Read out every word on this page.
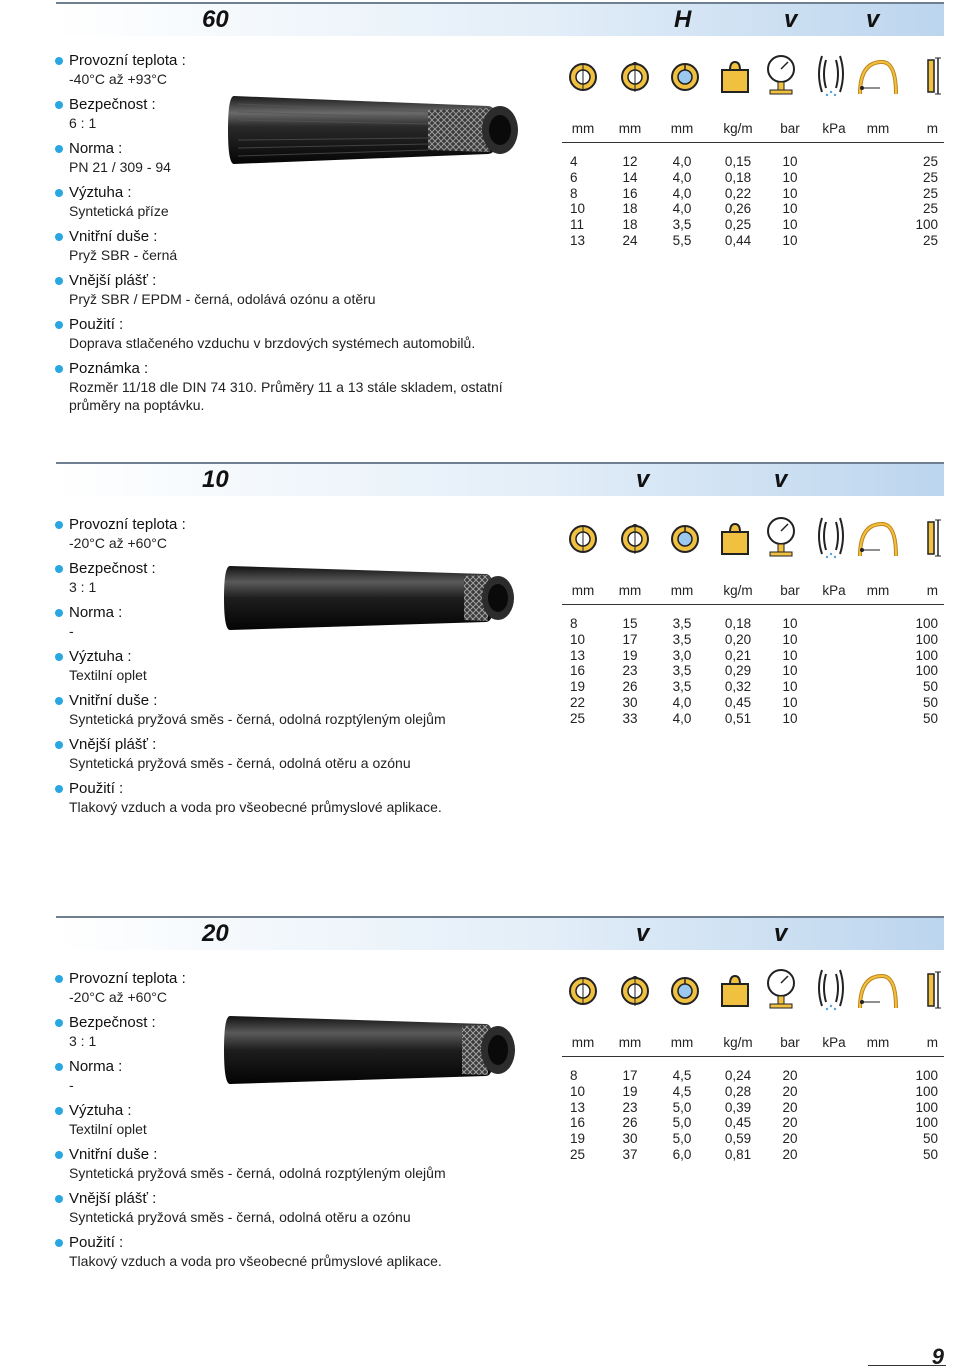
60	H	v	v
Provozní teplota :
-40°C až +93°C
Bezpečnost :
6 : 1
Norma :
PN 21 / 309 - 94
Výztuha :
Syntetická příze
Vnitřní duše :
Pryž SBR - černá
Vnější plášť :
Pryž SBR / EPDM - černá, odolává ozónu a otěru
Použití :
Doprava stlačeného vzduchu v brzdových systémech automobilů.
Poznámka :
Rozměr 11/18 dle DIN 74 310. Průměry 11 a 13 stále skladem, ostatní průměry na poptávku.
mm	mm	mm	kg/m	bar	kPa	mm	m

4	12	4,0	0,15	10			25
6	14	4,0	0,18	10			25
8	16	4,0	0,22	10			25
10	18	4,0	0,26	10			25
11	18	3,5	0,25	10			100
13	24	5,5	0,44	10			25
10	v	v
Provozní teplota :
-20°C až +60°C
Bezpečnost :
3 : 1
Norma :
-
Výztuha :
Textilní oplet
Vnitřní duše :
Syntetická pryžová směs - černá, odolná rozptýleným olejům
Vnější plášť :
Syntetická pryžová směs - černá, odolná otěru a ozónu
Použití :
Tlakový vzduch a voda pro všeobecné průmyslové aplikace.
mm	mm	mm	kg/m	bar	kPa	mm	m

8	15	3,5	0,18	10			100
10	17	3,5	0,20	10			100
13	19	3,0	0,21	10			100
16	23	3,5	0,29	10			100
19	26	3,5	0,32	10			50
22	30	4,0	0,45	10			50
25	33	4,0	0,51	10			50
20	v	v
Provozní teplota :
-20°C až +60°C
Bezpečnost :
3 : 1
Norma :
-
Výztuha :
Textilní oplet
Vnitřní duše :
Syntetická pryžová směs - černá, odolná rozptýleným olejům
Vnější plášť :
Syntetická pryžová směs - černá, odolná otěru a ozónu
Použití :
Tlakový vzduch a voda pro všeobecné průmyslové aplikace.
mm	mm	mm	kg/m	bar	kPa	mm	m

8	17	4,5	0,24	20			100
10	19	4,5	0,28	20			100
13	23	5,0	0,39	20			100
16	26	5,0	0,45	20			100
19	30	5,0	0,59	20			50
25	37	6,0	0,81	20			50
9
